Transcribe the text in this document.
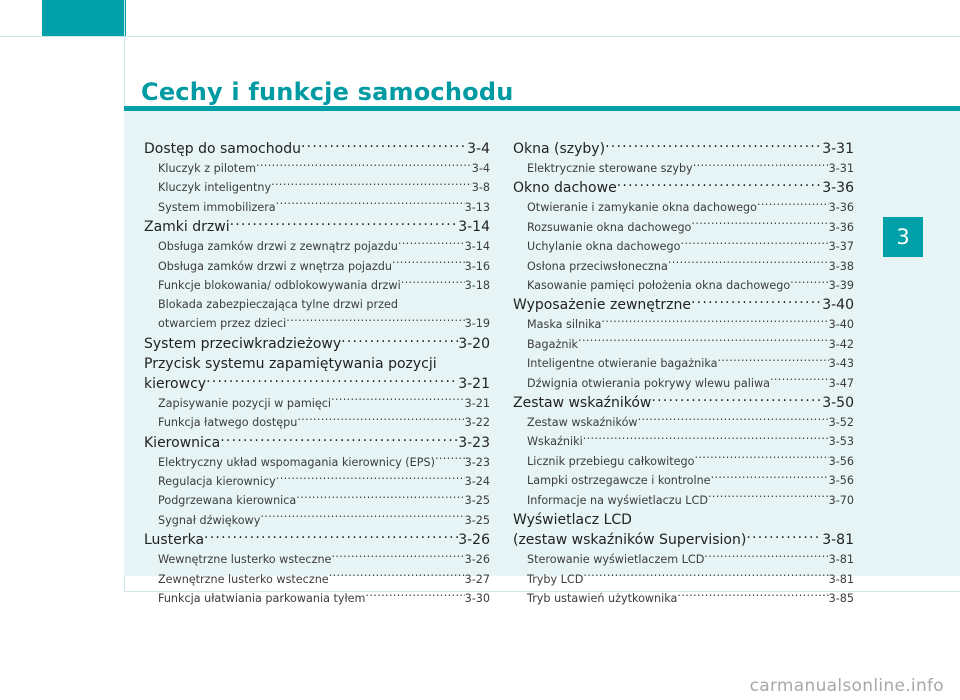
Cechy i funkcje samochodu
3
Dostęp do samochodu . . .	3-4
Kluczyk z pilotem . . .	3-4
Kluczyk inteligentny . . .	3-8
System immobilizera . . .	3-13
Zamki drzwi . . .	3-14
Obsługa zamków drzwi z zewnątrz pojazdu . . .	3-14
Obsługa zamków drzwi z wnętrza pojazdu . . .	3-16
Funkcje blokowania/ odblokowywania drzwi . . .	3-18
Blokada zabezpieczająca tylne drzwi przed
otwarciem przez dzieci . . .	3-19
System przeciwkradzieżowy . . .	3-20
Przycisk systemu zapamiętywania pozycji
kierowcy . . .	3-21
Zapisywanie pozycji w pamięci . . .	3-21
Funkcja łatwego dostępu . . .	3-22
Kierownica . . .	3-23
Elektryczny układ wspomagania kierownicy (EPS) . . .	3-23
Regulacja kierownicy . . .	3-24
Podgrzewana kierownica . . .	3-25
Sygnał dźwiękowy . . .	3-25
Lusterka . . .	3-26
Wewnętrzne lusterko wsteczne . . .	3-26
Zewnętrzne lusterko wsteczne . . .	3-27
Funkcja ułatwiania parkowania tyłem . . .	3-30
Okna (szyby) . . .	3-31
Elektrycznie sterowane szyby . . .	3-31
Okno dachowe . . .	3-36
Otwieranie i zamykanie okna dachowego . . .	3-36
Rozsuwanie okna dachowego . . .	3-36
Uchylanie okna dachowego . . .	3-37
Osłona przeciwsłoneczna . . .	3-38
Kasowanie pamięci położenia okna dachowego . . .	3-39
Wyposażenie zewnętrzne . . .	3-40
Maska silnika . . .	3-40
Bagażnik . . .	3-42
Inteligentne otwieranie bagażnika . . .	3-43
Dźwignia otwierania pokrywy wlewu paliwa . . .	3-47
Zestaw wskaźników . . .	3-50
Zestaw wskaźników . . .	3-52
Wskaźniki . . .	3-53
Licznik przebiegu całkowitego . . .	3-56
Lampki ostrzegawcze i kontrolne . . .	3-56
Informacje na wyświetlaczu LCD . . .	3-70
Wyświetlacz LCD
(zestaw wskaźników Supervision) . . .	3-81
Sterowanie wyświetlaczem LCD . . .	3-81
Tryby LCD . . .	3-81
Tryb ustawień użytkownika . . .	3-85
carmanualsonline.info
